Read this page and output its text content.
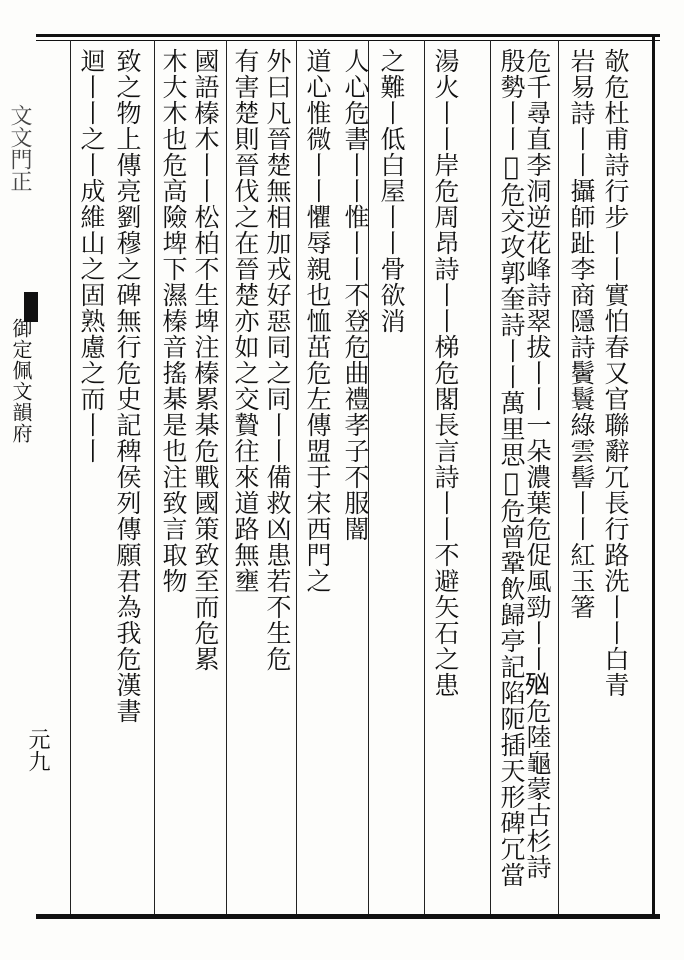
文文門正
御定佩文韻府
元九
欹危杜甫詩行步丨丨實怕春又官聯辭冗長行路洗丨丨白青
岩易詩丨丨攝師趾李商隱詩鬢鬟綠雲髻丨丨紅玉箸
危千尋直李洞逆花峰詩翠拔丨丨一朵濃葉危促風勁丨丨𣧑危陸龜蒙古杉詩
殷勢丨丨𩨐危交攻郭奎詩丨丨萬里思𩨐危曾鞏飲歸亭記陷阨插天形碑冗當
湯火丨丨岸危周昂詩丨丨梯危閣長言詩丨丨不避矢石之患
之難丨低白屋丨丨骨欲消
人心危書丨丨惟丨丨不登危曲禮孝子不服闇
道心惟微丨丨懼辱親也恤茁危左傳盟于宋西門之
外曰凡晉楚無相加戎好惡同之同丨丨備救凶患若不生危
有害楚則晉伐之在晉楚亦如之交贄往來道路無壅
國語榛木丨丨松柏不生埤注榛累棊危戰國策致至而危累
木大木也危高險埤下濕榛音搖棊是也注致言取物
致之物上傳亮劉穆之碑無行危史記稗侯列傳願君為我危漢書
迴丨丨之丨成維山之固熟慮之而丨丨
